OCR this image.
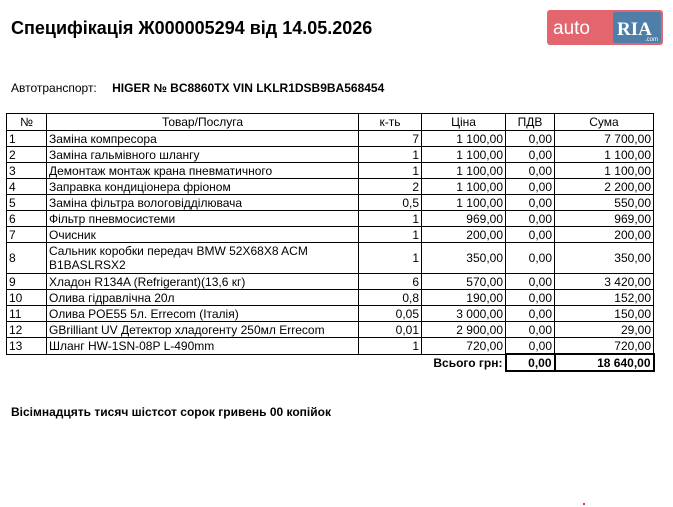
Специфікація Ж000005294 від 14.05.2026	auto RIA
.com
Автотранспорт: HIGER № BC8860TX VIN LKLR1DSB9BA568454
№	Товар/Послуга	к-ть	Ціна	ПДВ	Сума
1	Заміна компресора	7	1 100,00	0,00	7 700,00
2	Заміна гальмівного шлангу	1	1 100,00	0,00	1 100,00
3	Демонтаж монтаж крана пневматичного	1	1 100,00	0,00	1 100,00
4	Заправка кондиціонера фріоном	2	1 100,00	0,00	2 200,00
5	Заміна фільтра вологовідділювача	0,5	1 100,00	0,00	550,00
6	Фільтр пневмосистеми	1	969,00	0,00	969,00
7	Очисник	1	200,00	0,00	200,00
8	Сальник коробки передач BMW 52X68X8 ACM B1BASLRSX2	1	350,00	0,00	350,00
9	Хладон R134A (Refrigerant)(13,6 кг)	6	570,00	0,00	3 420,00
10	Олива гідравлічна 20л	0,8	190,00	0,00	152,00
11	Олива POE55 5л. Errecom (Італія)	0,05	3 000,00	0,00	150,00
12	GBrilliant UV Детектор хладогенту 250мл Errecom	0,01	2 900,00	0,00	29,00
13	Шланг HW-1SN-08P L-490mm	1	720,00	0,00	720,00
		Всього грн:		0,00	18 640,00
Вісімнадцять тисяч шістсот сорок гривень 00 копійок
